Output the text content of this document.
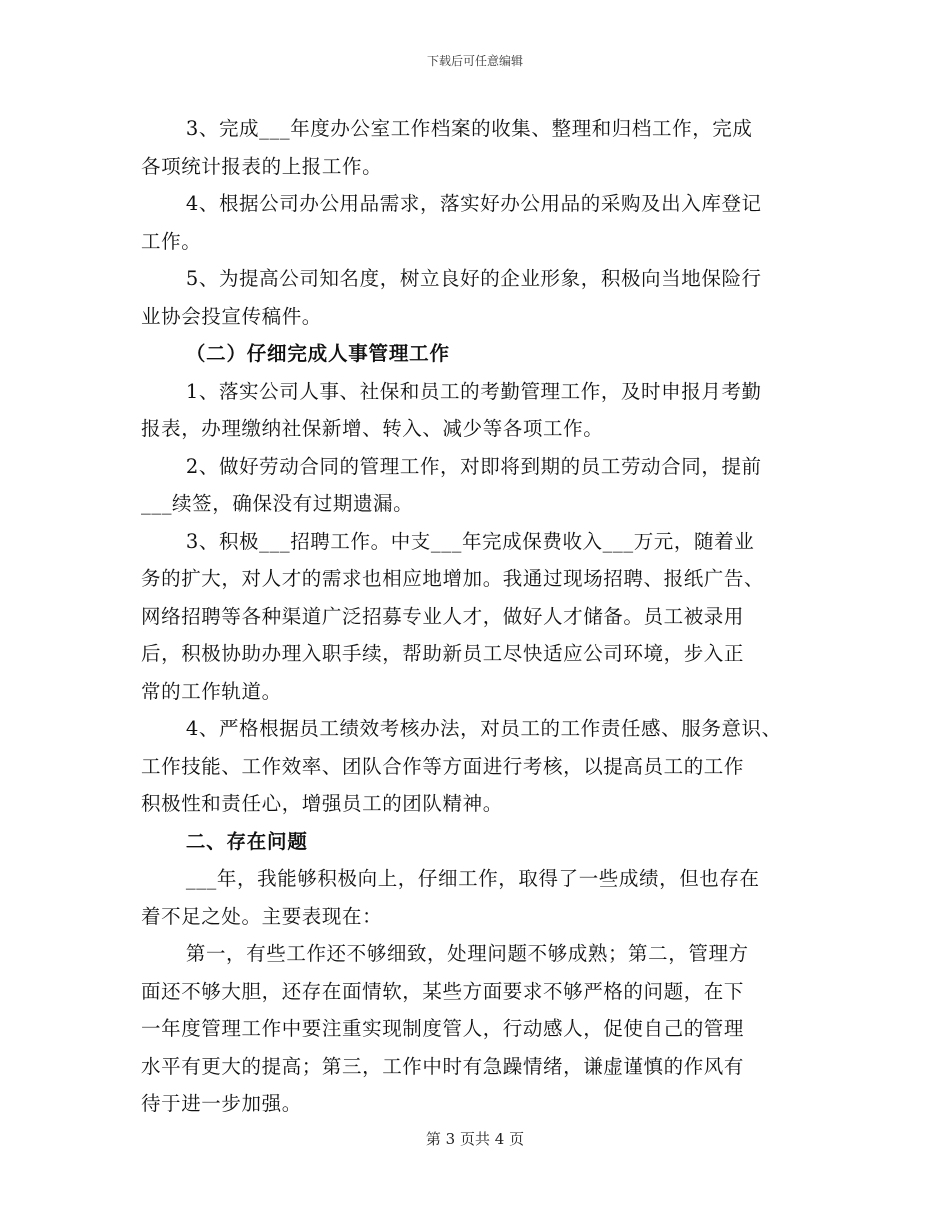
下载后可任意编辑

3、完成___年度办公室工作档案的收集、整理和归档工作，完成

各项统计报表的上报工作。

4、根据公司办公用品需求，落实好办公用品的采购及出入库登记

工作。

5、为提高公司知名度，树立良好的企业形象，积极向当地保险行

业协会投宣传稿件。

（二）仔细完成人事管理工作

1、落实公司人事、社保和员工的考勤管理工作，及时申报月考勤

报表，办理缴纳社保新增、转入、减少等各项工作。

2、做好劳动合同的管理工作，对即将到期的员工劳动合同，提前

___续签，确保没有过期遗漏。

3、积极___招聘工作。中支___年完成保费收入___万元，随着业

务的扩大，对人才的需求也相应地增加。我通过现场招聘、报纸广告、

网络招聘等各种渠道广泛招募专业人才，做好人才储备。员工被录用

后，积极协助办理入职手续，帮助新员工尽快适应公司环境，步入正

常的工作轨道。

4、严格根据员工绩效考核办法，对员工的工作责任感、服务意识、

工作技能、工作效率、团队合作等方面进行考核，以提高员工的工作

积极性和责任心，增强员工的团队精神。

二、存在问题

___年，我能够积极向上，仔细工作，取得了一些成绩，但也存在

着不足之处。主要表现在：

第一，有些工作还不够细致，处理问题不够成熟；第二，管理方

面还不够大胆，还存在面情软，某些方面要求不够严格的问题，在下

一年度管理工作中要注重实现制度管人，行动感人，促使自己的管理

水平有更大的提高；第三，工作中时有急躁情绪，谦虚谨慎的作风有

待于进一步加强。

第 3 页共 4 页
